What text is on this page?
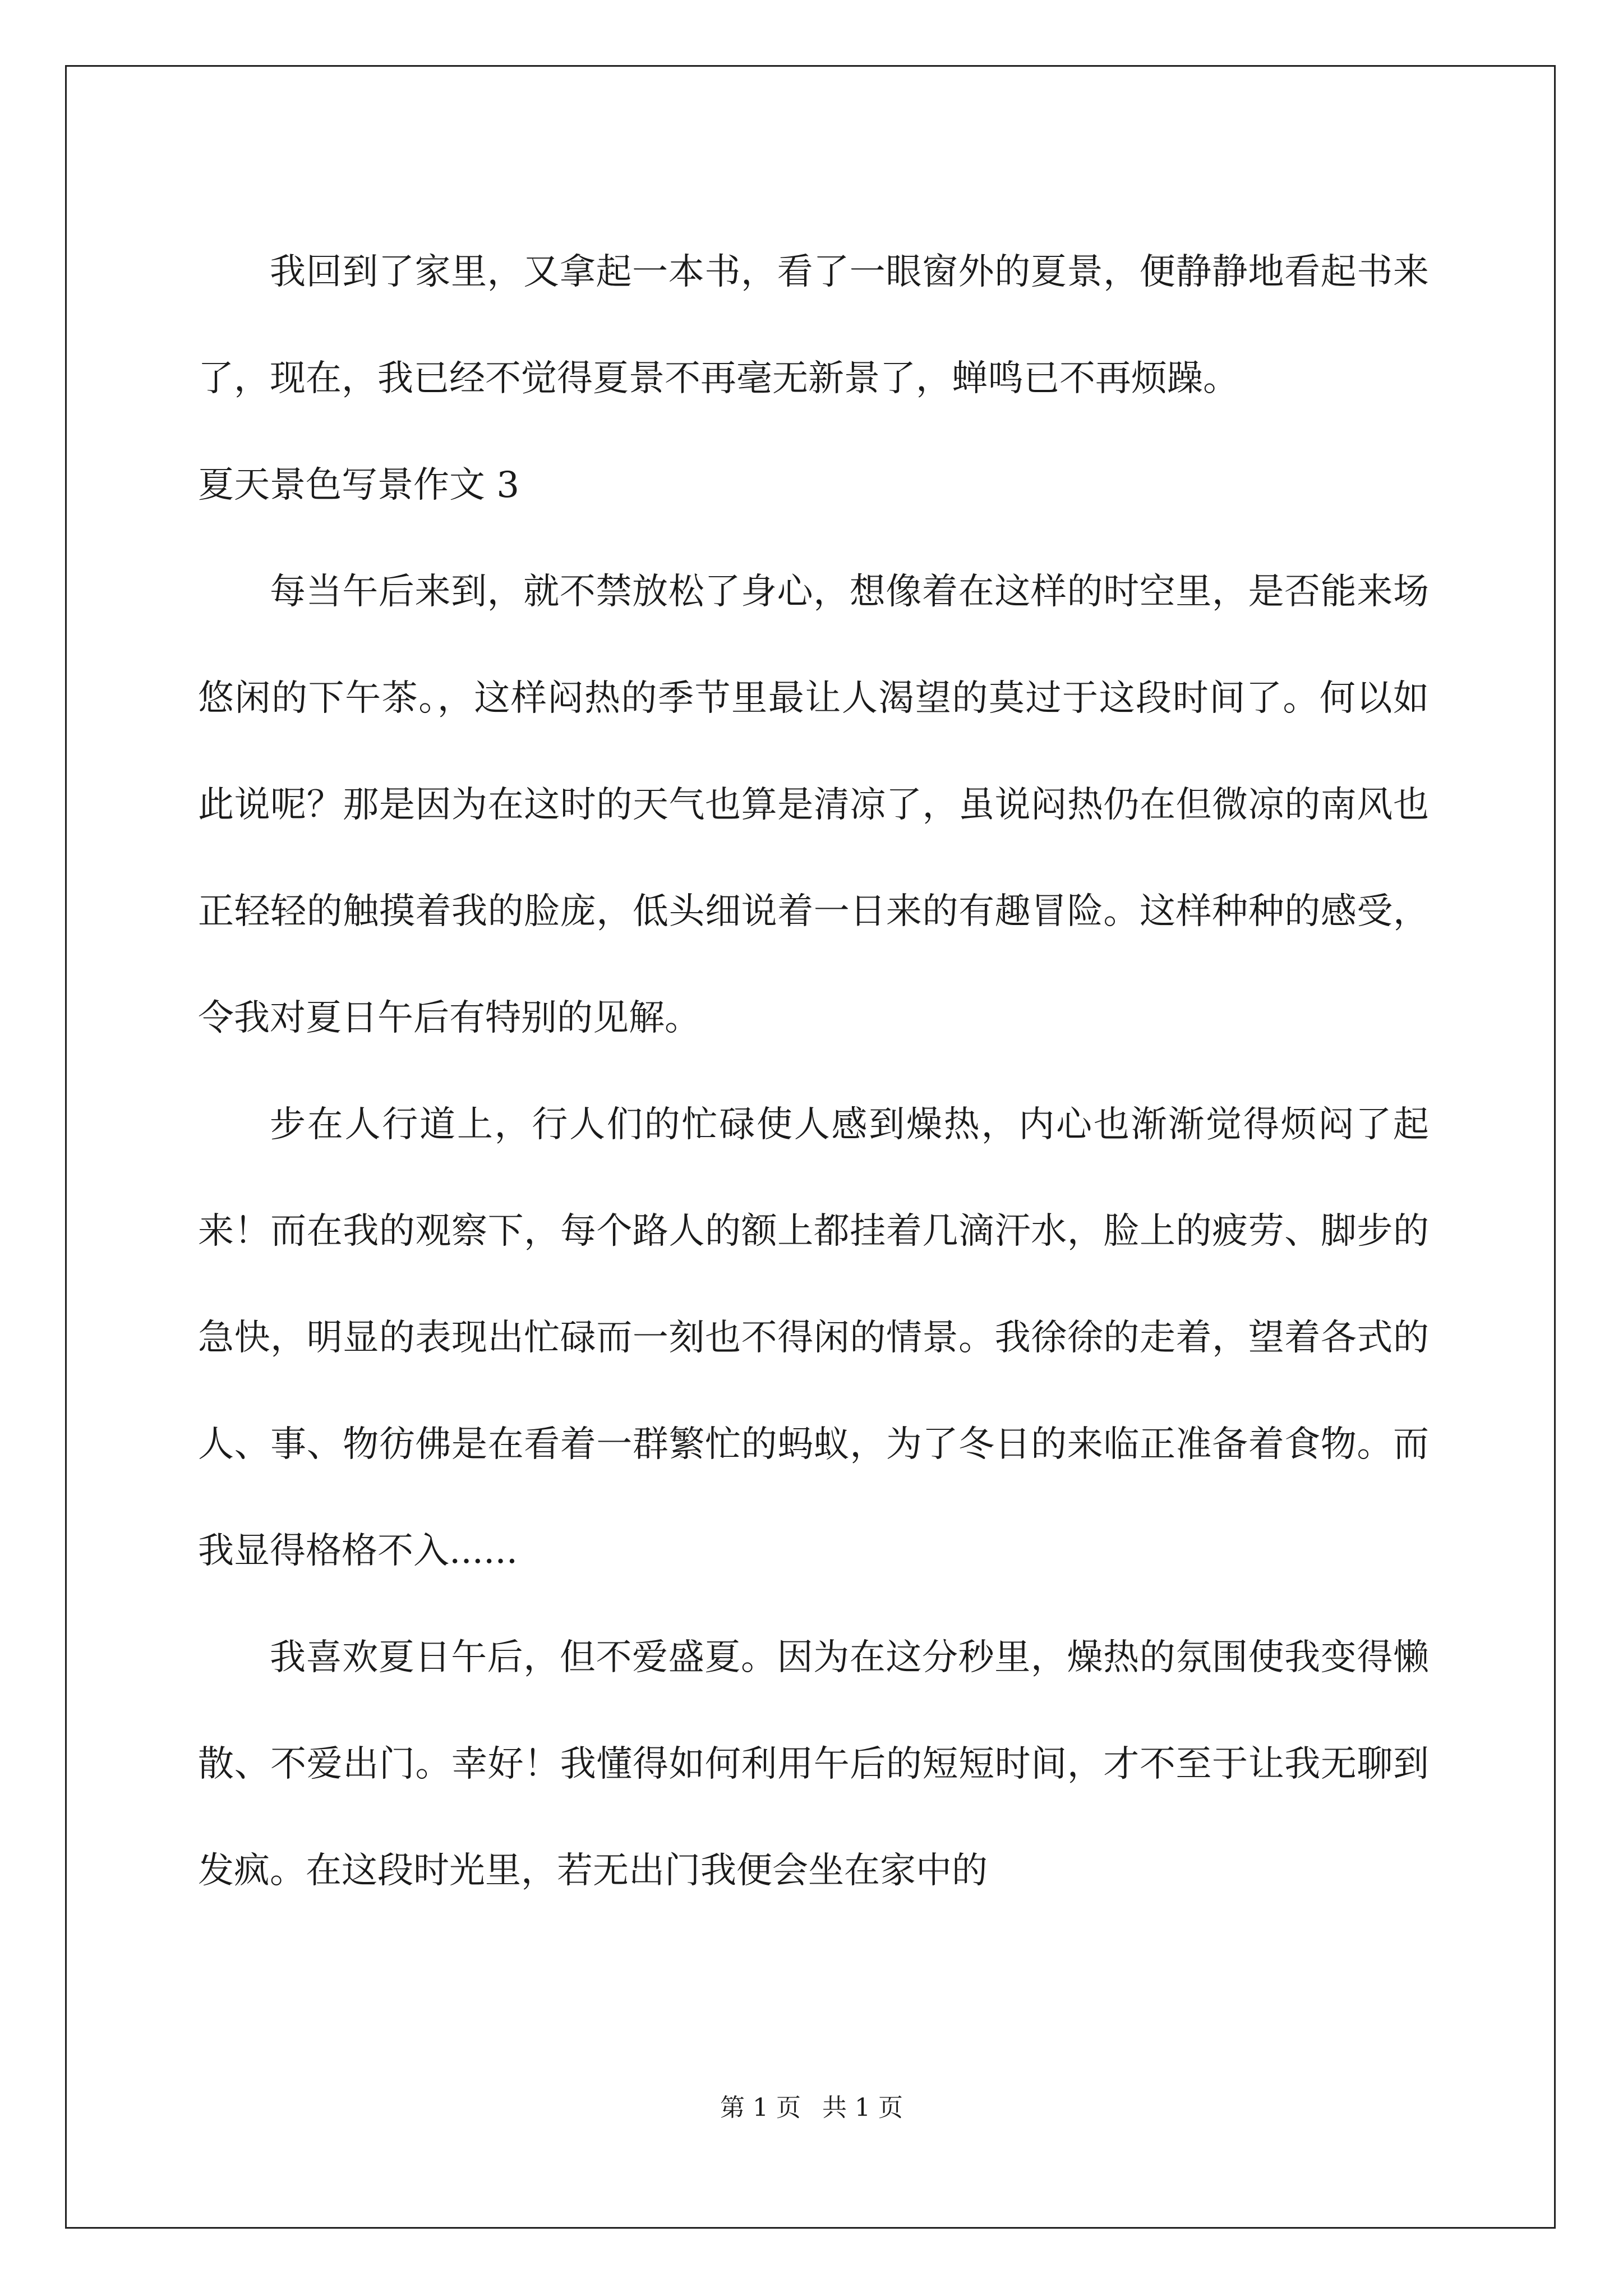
我回到了家里，又拿起一本书，看了一眼窗外的夏景，便静静地看起书来了，现在，我已经不觉得夏景不再毫无新景了，蝉鸣已不再烦躁。

夏天景色写景作文 3

每当午后来到，就不禁放松了身心，想像着在这样的时空里，是否能来场悠闲的下午茶。，这样闷热的季节里最让人渴望的莫过于这段时间了。何以如此说呢？那是因为在这时的天气也算是清凉了，虽说闷热仍在但微凉的南风也正轻轻的触摸着我的脸庞，低头细说着一日来的有趣冒险。这样种种的感受，令我对夏日午后有特别的见解。

步在人行道上，行人们的忙碌使人感到燥热，内心也渐渐觉得烦闷了起来！而在我的观察下，每个路人的额上都挂着几滴汗水，脸上的疲劳、脚步的急快，明显的表现出忙碌而一刻也不得闲的情景。我徐徐的走着，望着各式的人、事、物彷佛是在看着一群繁忙的蚂蚁，为了冬日的来临正准备着食物。而我显得格格不入......

我喜欢夏日午后，但不爱盛夏。因为在这分秒里，燥热的氛围使我变得懒散、不爱出门。幸好！我懂得如何利用午后的短短时间，才不至于让我无聊到发疯。在这段时光里，若无出门我便会坐在家中的

第 1 页 共 1 页
